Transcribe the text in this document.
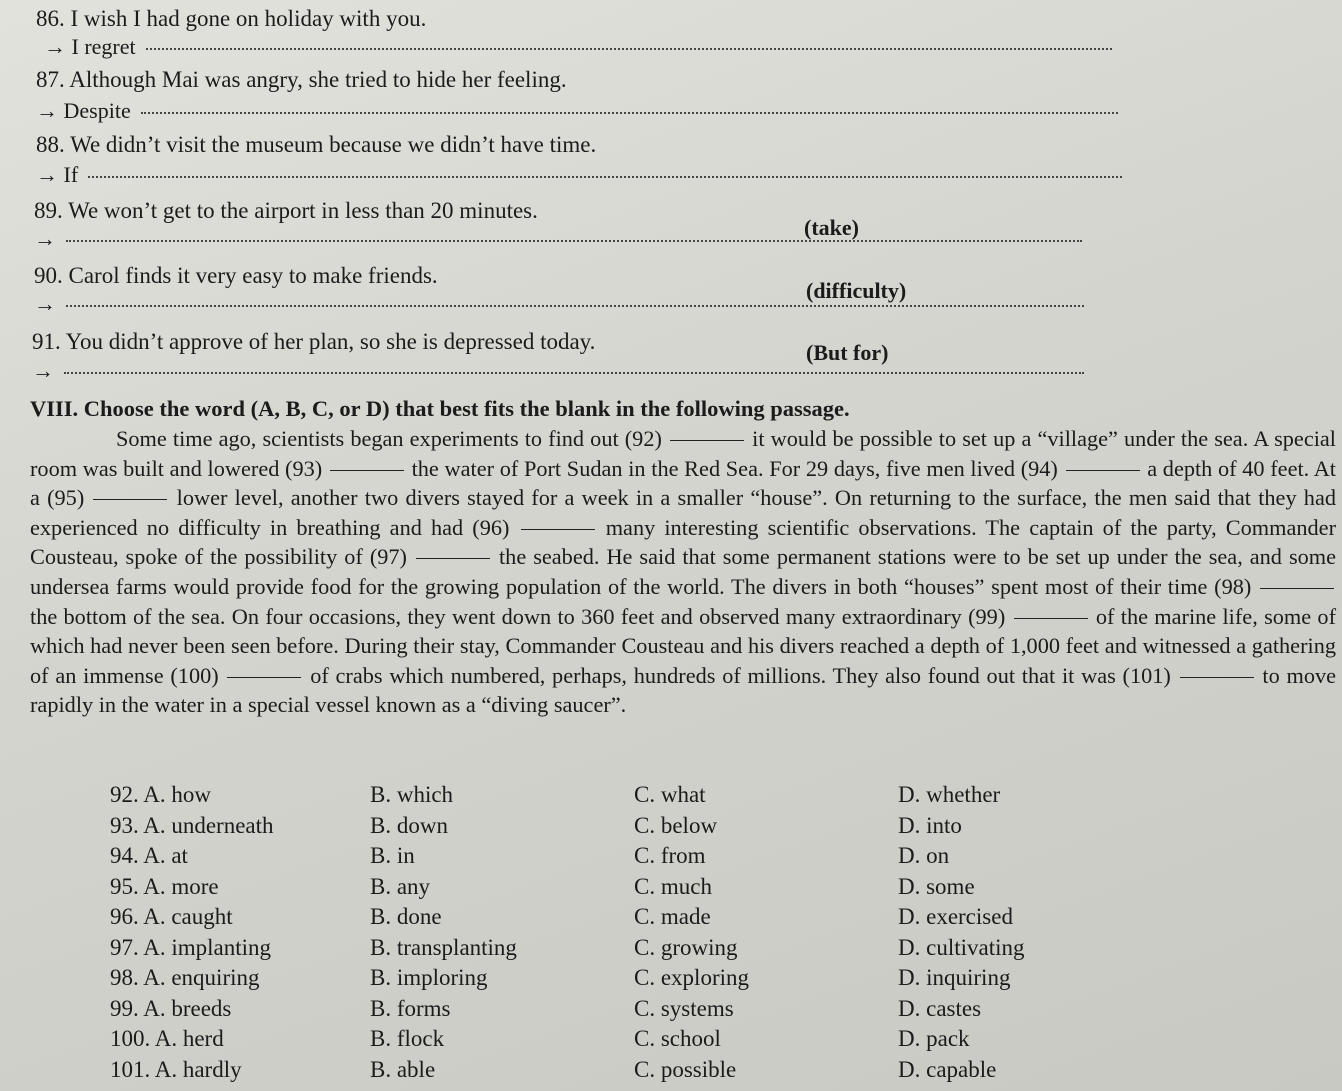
86. I wish I had gone on holiday with you.
→ I regret
87. Although Mai was angry, she tried to hide her feeling.
→ Despite
88. We didn’t visit the museum because we didn’t have time.
→ If
89. We won’t get to the airport in less than 20 minutes.
(take)
→
90. Carol finds it very easy to make friends.
(difficulty)
→
91. You didn’t approve of her plan, so she is depressed today.	(But for)
→
VIII. Choose the word (A, B, C, or D) that best fits the blank in the following passage.
Some time ago, scientists began experiments to find out (92)	it would be possible to set up a “village” under the sea. A special room was built and lowered (93)	the water of Port Sudan in the Red Sea. For 29 days, five men lived (94)	a depth of 40 feet. At a (95)	lower level, another two divers stayed for a week in a smaller “house”. On returning to the surface, the men said that they had experienced no difficulty in breathing and had (96)	many interesting scientific observations. The captain of the party, Commander Cousteau, spoke of the possibility of (97)	the seabed. He said that some permanent stations were to be set up under the sea, and some undersea farms would provide food for the growing population of the world. The divers in both “houses” spent most of their time (98)  the bottom of the sea. On four occasions, they went down to 360 feet and observed many extraordinary (99)	of the marine life, some of which had never been seen before. During their stay, Commander Cousteau and his divers reached a depth of 1,000 feet and witnessed a gathering of an immense (100)	of crabs which numbered, perhaps, hundreds of millions. They also found out that it was (101)	to move rapidly in the water in a special vessel known as a “diving saucer”.
92. A. how	B. which	C. what	D. whether
93. A. underneath	B. down	C. below	D. into
94. A. at	B. in	C. from	D. on
95. A. more	B. any	C. much	D. some
96. A. caught	B. done	C. made	D. exercised
97. A. implanting	B. transplanting	C. growing	D. cultivating
98. A. enquiring	B. imploring	C. exploring	D. inquiring
99. A. breeds	B. forms	C. systems	D. castes
100. A. herd	B. flock	C. school	D. pack
101. A. hardly	B. able	C. possible	D. capable
